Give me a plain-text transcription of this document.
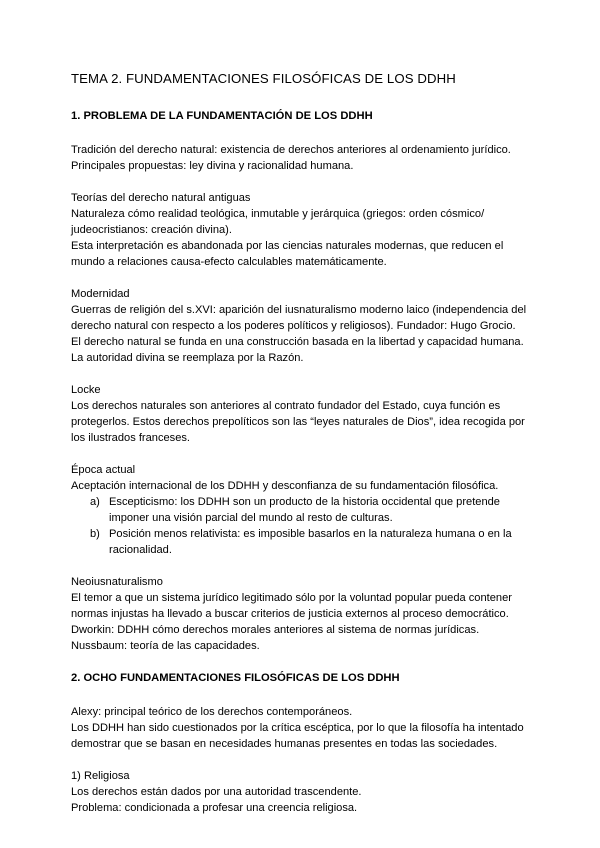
TEMA 2. FUNDAMENTACIONES FILOSÓFICAS DE LOS DDHH
1. PROBLEMA DE LA FUNDAMENTACIÓN DE LOS DDHH

Tradición del derecho natural: existencia de derechos anteriores al ordenamiento jurídico.

Principales propuestas: ley divina y racionalidad humana.

Teorías del derecho natural antiguas

Naturaleza cómo realidad teológica, inmutable y jerárquica (griegos: orden cósmico/

judeocristianos: creación divina).

Esta interpretación es abandonada por las ciencias naturales modernas, que reducen el

mundo a relaciones causa-efecto calculables matemáticamente.

Modernidad

Guerras de religión del s.XVI: aparición del iusnaturalismo moderno laico (independencia del

derecho natural con respecto a los poderes políticos y religiosos). Fundador: Hugo Grocio.

El derecho natural se funda en una construcción basada en la libertad y capacidad humana.

La autoridad divina se reemplaza por la Razón.

Locke

Los derechos naturales son anteriores al contrato fundador del Estado, cuya función es

protegerlos. Estos derechos prepolíticos son las “leyes naturales de Dios”, idea recogida por

los ilustrados franceses.

Época actual

Aceptación internacional de los DDHH y desconfianza de su fundamentación filosófica.

a) Escepticismo: los DDHH son un producto de la historia occidental que pretende
imponer una visión parcial del mundo al resto de culturas.
b) Posición menos relativista: es imposible basarlos en la naturaleza humana o en la
racionalidad.

Neoiusnaturalismo

El temor a que un sistema jurídico legitimado sólo por la voluntad popular pueda contener

normas injustas ha llevado a buscar criterios de justicia externos al proceso democrático.

Dworkin: DDHH cómo derechos morales anteriores al sistema de normas jurídicas.

Nussbaum: teoría de las capacidades.

2. OCHO FUNDAMENTACIONES FILOSÓFICAS DE LOS DDHH

Alexy: principal teórico de los derechos contemporáneos.

Los DDHH han sido cuestionados por la crítica escéptica, por lo que la filosofía ha intentado

demostrar que se basan en necesidades humanas presentes en todas las sociedades.

1) Religiosa

Los derechos están dados por una autoridad trascendente.

Problema: condicionada a profesar una creencia religiosa.
